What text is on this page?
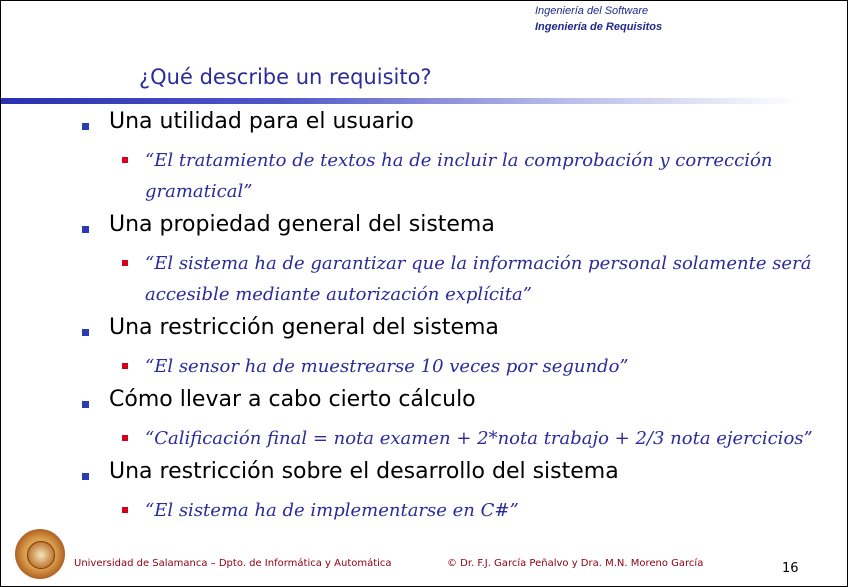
Ingeniería del Software
Ingeniería de Requisitos
¿Qué describe un requisito?
Una utilidad para el usuario
“El tratamiento de textos ha de incluir la comprobación y corrección gramatical”
Una propiedad general del sistema
“El sistema ha de garantizar que la información personal solamente será accesible mediante autorización explícita”
Una restricción general del sistema
“El sensor ha de muestrearse 10 veces por segundo”
Cómo llevar a cabo cierto cálculo
“Calificación final = nota examen + 2*nota trabajo + 2/3 nota ejercicios”
Una restricción sobre el desarrollo del sistema
“El sistema ha de implementarse en C#”
Universidad de Salamanca – Dpto. de Informática y Automática	© Dr. F.J. García Peñalvo y Dra. M.N. Moreno García	16
